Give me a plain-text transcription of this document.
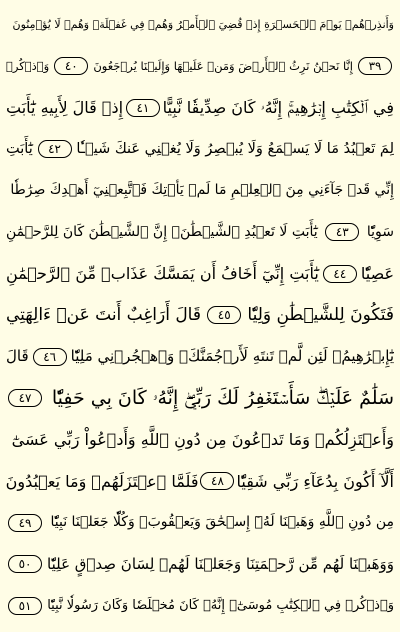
وَأَنذِرۡهُمۡ يَوۡمَ ٱلۡحَسۡرَةِ إِذۡ قُضِيَ ٱلۡأَمۡرُ وَهُمۡ فِي غَفۡلَةٖ وَهُمۡ لَا يُؤۡمِنُونَ
٣٩
إِنَّا نَحۡنُ نَرِثُ ٱلۡأَرۡضَ وَمَنۡ عَلَيۡهَا وَإِلَيۡنَا يُرۡجَعُونَ
٤٠
وَٱذۡكُرۡ
فِي ٱلۡكِتَٰبِ إِبۡرَٰهِيمَۚ إِنَّهُۥ كَانَ صِدِّيقٗا نَّبِيًّا
٤١
إِذۡ قَالَ لِأَبِيهِ يَٰٓأَبَتِ
لِمَ تَعۡبُدُ مَا لَا يَسۡمَعُ وَلَا يُبۡصِرُ وَلَا يُغۡنِي عَنكَ شَيۡـٔٗا
٤٢
يَٰٓأَبَتِ
إِنِّي قَدۡ جَآءَنِي مِنَ ٱلۡعِلۡمِ مَا لَمۡ يَأۡتِكَ فَٱتَّبِعۡنِيٓ أَهۡدِكَ صِرَٰطٗا
سَوِيّٗا
٤٣
يَٰٓأَبَتِ لَا تَعۡبُدِ ٱلشَّيۡطَٰنَۖ إِنَّ ٱلشَّيۡطَٰنَ كَانَ لِلرَّحۡمَٰنِ
عَصِيّٗا
٤٤
يَٰٓأَبَتِ إِنِّيٓ أَخَافُ أَن يَمَسَّكَ عَذَابٞ مِّنَ ٱلرَّحۡمَٰنِ
فَتَكُونَ لِلشَّيۡطَٰنِ وَلِيّٗا
٤٥
قَالَ أَرَاغِبٌ أَنتَ عَنۡ ءَالِهَتِي
يَٰٓإِبۡرَٰهِيمُۖ لَئِن لَّمۡ تَنتَهِ لَأَرۡجُمَنَّكَۖ وَٱهۡجُرۡنِي مَلِيّٗا
٤٦
قَالَ
سَلَٰمٌ عَلَيۡكَۖ سَأَسۡتَغۡفِرُ لَكَ رَبِّيٓۖ إِنَّهُۥ كَانَ بِي حَفِيّٗا
٤٧
وَأَعۡتَزِلُكُمۡ وَمَا تَدۡعُونَ مِن دُونِ ٱللَّهِ وَأَدۡعُواْ رَبِّي عَسَىٰٓ
أَلَّآ أَكُونَ بِدُعَآءِ رَبِّي شَقِيّٗا
٤٨
فَلَمَّا ٱعۡتَزَلَهُمۡ وَمَا يَعۡبُدُونَ
مِن دُونِ ٱللَّهِ وَهَبۡنَا لَهُۥٓ إِسۡحَٰقَ وَيَعۡقُوبَۖ وَكُلّٗا جَعَلۡنَا نَبِيّٗا
٤٩
وَوَهَبۡنَا لَهُم مِّن رَّحۡمَتِنَا وَجَعَلۡنَا لَهُمۡ لِسَانَ صِدۡقٍ عَلِيّٗا
٥٠
وَٱذۡكُرۡ فِي ٱلۡكِتَٰبِ مُوسَىٰٓۚ إِنَّهُۥ كَانَ مُخۡلَصٗا وَكَانَ رَسُولٗا نَّبِيّٗا
٥١
